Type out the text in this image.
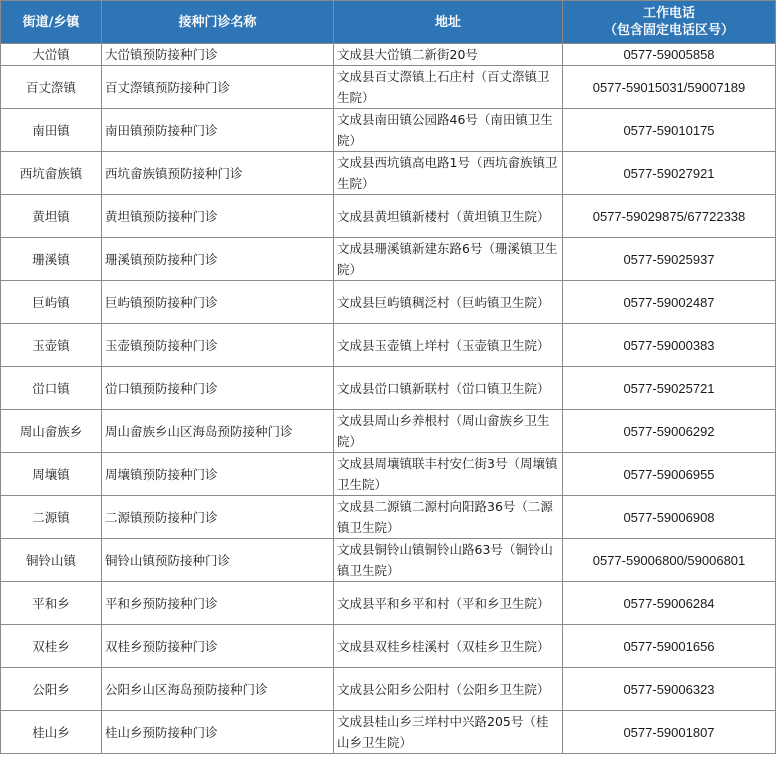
街道/乡镇	接种门诊名称	地址	工作电话
（包含固定电话区号）

大峃镇	大峃镇预防接种门诊	文成县大峃镇二新街20号	0577-59005858
百丈漈镇	百丈漈镇预防接种门诊	文成县百丈漈镇上石庄村（百丈漈镇卫生院）	0577-59015031/59007189
南田镇	南田镇预防接种门诊	文成县南田镇公园路46号（南田镇卫生院）	0577-59010175
西坑畲族镇	西坑畲族镇预防接种门诊	文成县西坑镇高电路1号（西坑畲族镇卫生院）	0577-59027921
黄坦镇	黄坦镇预防接种门诊	文成县黄坦镇新楼村（黄坦镇卫生院）	0577-59029875/67722338
珊溪镇	珊溪镇预防接种门诊	文成县珊溪镇新建东路6号（珊溪镇卫生院）	0577-59025937
巨屿镇	巨屿镇预防接种门诊	文成县巨屿镇稠泛村（巨屿镇卫生院）	0577-59002487
玉壶镇	玉壶镇预防接种门诊	文成县玉壶镇上垟村（玉壶镇卫生院）	0577-59000383
峃口镇	峃口镇预防接种门诊	文成县峃口镇新联村（峃口镇卫生院）	0577-59025721
周山畲族乡	周山畲族乡山区海岛预防接种门诊	文成县周山乡养根村（周山畲族乡卫生院）	0577-59006292
周壤镇	周壤镇预防接种门诊	文成县周壤镇联丰村安仁街3号（周壤镇卫生院）	0577-59006955
二源镇	二源镇预防接种门诊	文成县二源镇二源村向阳路36号（二源镇卫生院）	0577-59006908
铜铃山镇	铜铃山镇预防接种门诊	文成县铜铃山镇铜铃山路63号（铜铃山镇卫生院）	0577-59006800/59006801
平和乡	平和乡预防接种门诊	文成县平和乡平和村（平和乡卫生院）	0577-59006284
双桂乡	双桂乡预防接种门诊	文成县双桂乡桂溪村（双桂乡卫生院）	0577-59001656
公阳乡	公阳乡山区海岛预防接种门诊	文成县公阳乡公阳村（公阳乡卫生院）	0577-59006323
桂山乡	桂山乡预防接种门诊	文成县桂山乡三垟村中兴路205号（桂山乡卫生院）	0577-59001807
